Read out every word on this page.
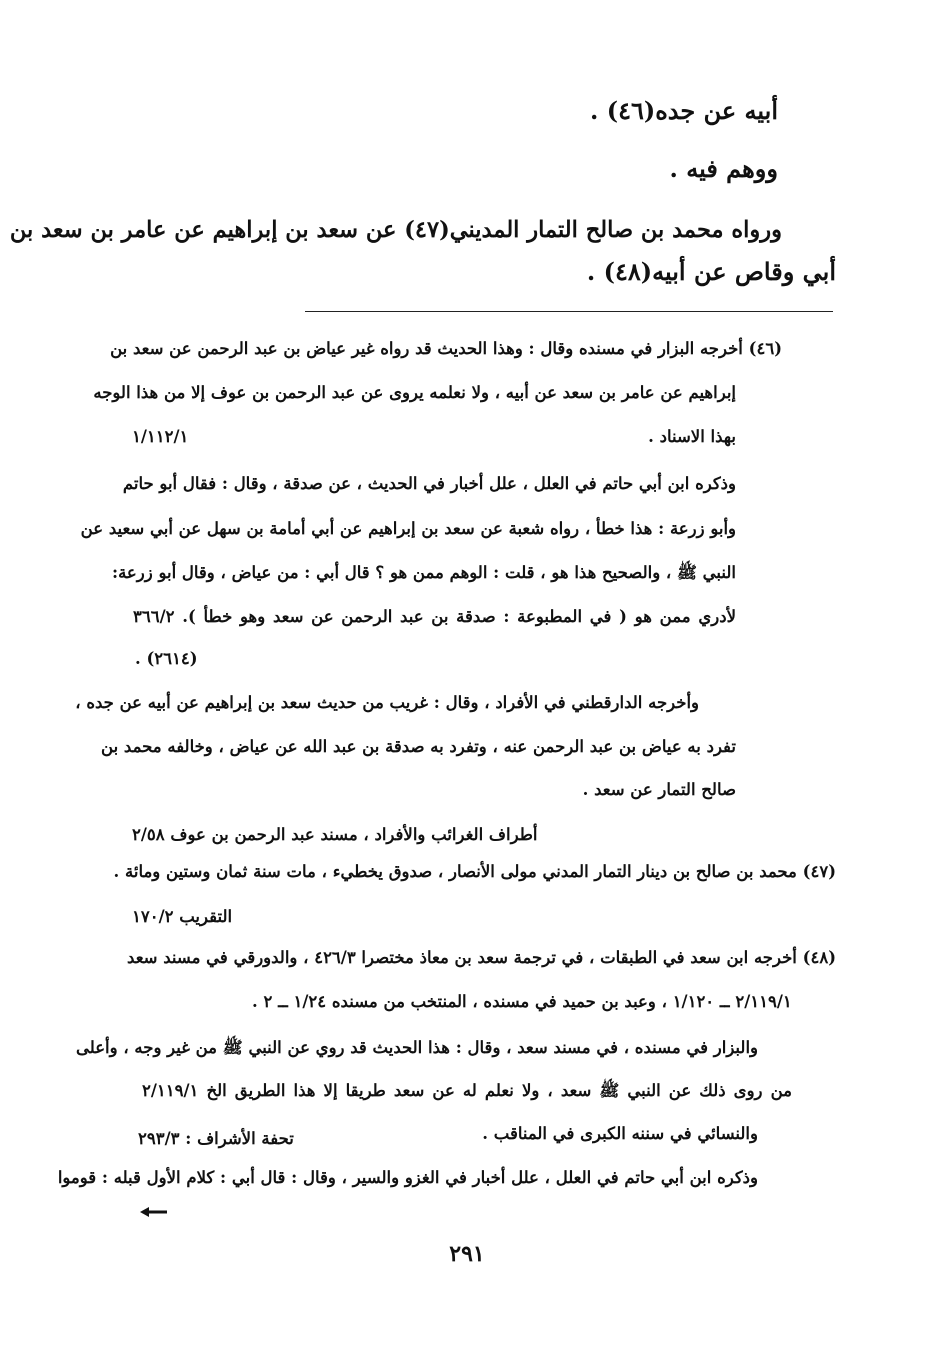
أبيه عن جده(٤٦) .
ووهم فيه .
ورواه محمد بن صالح التمار المديني(٤٧) عن سعد بن إبراهيم عن عامر بن سعد بن
أبي وقاص عن أبيه(٤٨) .
(٤٦) أخرجه البزار في مسنده وقال : وهذا الحديث قد رواه غير عياض بن عبد الرحمن عن سعد بن
إبراهيم عن عامر بن سعد عن أبيه ، ولا نعلمه يروى عن عبد الرحمن بن عوف إلا من هذا الوجه
بهذا الاسناد .
١/١١٢/١
وذكره ابن أبي حاتم في العلل ، علل أخبار في الحديث ، عن صدقة ، وقال : فقال أبو حاتم
وأبو زرعة : هذا خطأ ، رواه شعبة عن سعد بن إبراهيم عن أبي أمامة بن سهل عن أبي سعيد عن
النبي ﷺ ، والصحيح هذا هو ، قلت : الوهم ممن هو ؟ قال أبي : من عياض ، وقال أبو زرعة:
لأدري ممن هو ( في المطبوعة : صدقة بن عبد الرحمن عن سعد وهو خطأ ). ٣٦٦/٢
(٢٦١٤) .
وأخرجه الدارقطني في الأفراد ، وقال : غريب من حديث سعد بن إبراهيم عن أبيه عن جده ،
تفرد به عياض بن عبد الرحمن عنه ، وتفرد به صدقة بن عبد الله عن عياض ، وخالفه محمد بن
صالح التمار عن سعد .
أطراف الغرائب والأفراد ، مسند عبد الرحمن بن عوف ٢/٥٨
(٤٧) محمد بن صالح بن دينار التمار المدني مولى الأنصار ، صدوق يخطيء ، مات سنة ثمان وستين ومائة .
التقريب ١٧٠/٢
(٤٨) أخرجه ابن سعد في الطبقات ، في ترجمة سعد بن معاذ مختصرا ٤٢٦/٣ ، والدورقي في مسند سعد
٢/١١٩/١ ــ ١/١٢٠ ، وعبد بن حميد في مسنده ، المنتخب من مسنده ١/٢٤ ــ ٢ .
والبزار في مسنده ، في مسند سعد ، وقال : هذا الحديث قد روي عن النبي ﷺ من غير وجه ، وأعلى
من روى ذلك عن النبي ﷺ سعد ، ولا نعلم له عن سعد طريقا إلا هذا الطريق الخ ٢/١١٩/١
والنسائي في سننه الكبرى في المناقب .
تحفة الأشراف : ٢٩٣/٣
وذكره ابن أبي حاتم في العلل ، علل أخبار في الغزو والسير ، وقال : قال أبي : كلام الأول قبله : قوموا
٢٩١
